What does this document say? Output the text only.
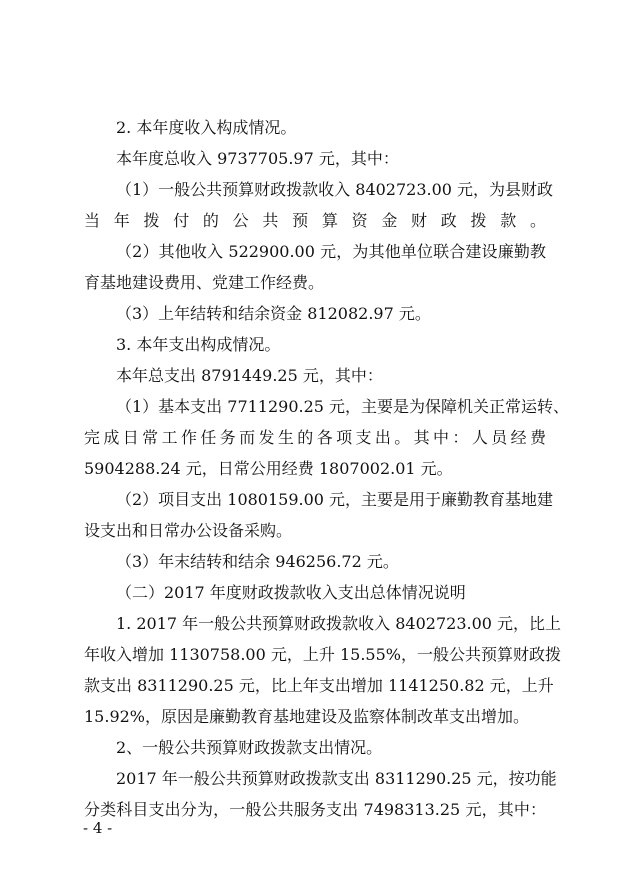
2. 本年度收入构成情况。
本年度总收入 9737705.97 元，其中：
（1）一般公共预算财政拨款收入 8402723.00 元，为县财政
当年拨付的公共预算资金财政拨款。
（2）其他收入 522900.00 元，为其他单位联合建设廉勤教
育基地建设费用、党建工作经费。
（3）上年结转和结余资金 812082.97 元。
3. 本年支出构成情况。
本年总支出 8791449.25 元，其中：
（1）基本支出 7711290.25 元，主要是为保障机关正常运转、
完成日常工作任务而发生的各项支出。其中：人员经费
5904288.24 元，日常公用经费 1807002.01 元。
（2）项目支出 1080159.00 元，主要是用于廉勤教育基地建
设支出和日常办公设备采购。
（3）年末结转和结余 946256.72 元。
（二）2017 年度财政拨款收入支出总体情况说明
1. 2017 年一般公共预算财政拨款收入 8402723.00 元，比上
年收入增加 1130758.00 元，上升 15.55%，一般公共预算财政拨
款支出 8311290.25 元，比上年支出增加 1141250.82 元，上升
15.92%，原因是廉勤教育基地建设及监察体制改革支出增加。
2、一般公共预算财政拨款支出情况。
2017 年一般公共预算财政拨款支出 8311290.25 元，按功能
分类科目支出分为，一般公共服务支出 7498313.25 元，其中：
- 4 -
